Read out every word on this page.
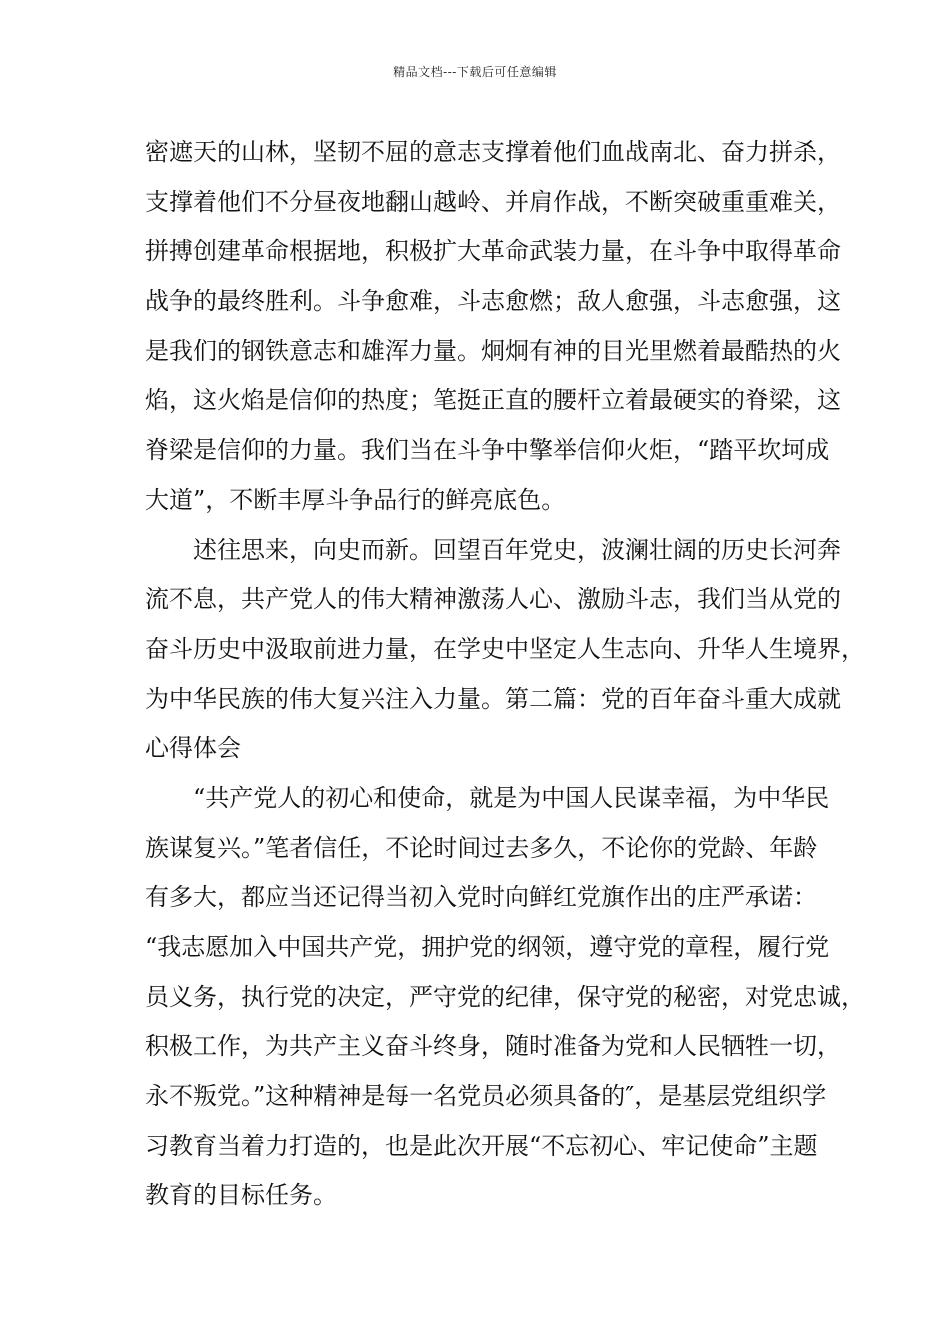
精品文档---下载后可任意编辑
密遮天的山林，坚韧不屈的意志支撑着他们血战南北、奋力拼杀，
支撑着他们不分昼夜地翻山越岭、并肩作战，不断突破重重难关，
拼搏创建革命根据地，积极扩大革命武装力量，在斗争中取得革命
战争的最终胜利。斗争愈难，斗志愈燃；敌人愈强，斗志愈强，这
是我们的钢铁意志和雄浑力量。炯炯有神的目光里燃着最酷热的火
焰，这火焰是信仰的热度；笔挺正直的腰杆立着最硬实的脊梁，这
脊梁是信仰的力量。我们当在斗争中擎举信仰火炬，“踏平坎坷成
大道”，不断丰厚斗争品行的鲜亮底色。
述往思来，向史而新。回望百年党史，波澜壮阔的历史长河奔
流不息，共产党人的伟大精神激荡人心、激励斗志，我们当从党的
奋斗历史中汲取前进力量，在学史中坚定人生志向、升华人生境界，
为中华民族的伟大复兴注入力量。第二篇：党的百年奋斗重大成就
心得体会
“共产党人的初心和使命，就是为中国人民谋幸福，为中华民
族谋复兴。”笔者信任，不论时间过去多久，不论你的党龄、年龄
有多大，都应当还记得当初入党时向鲜红党旗作出的庄严承诺：
“我志愿加入中国共产党，拥护党的纲领，遵守党的章程，履行党
员义务，执行党的决定，严守党的纪律，保守党的秘密，对党忠诚，
积极工作，为共产主义奋斗终身，随时准备为党和人民牺牲一切，
永不叛党。”这种精神是每一名党员必须具备的″，是基层党组织学
习教育当着力打造的，也是此次开展“不忘初心、牢记使命”主题
教育的目标任务。
